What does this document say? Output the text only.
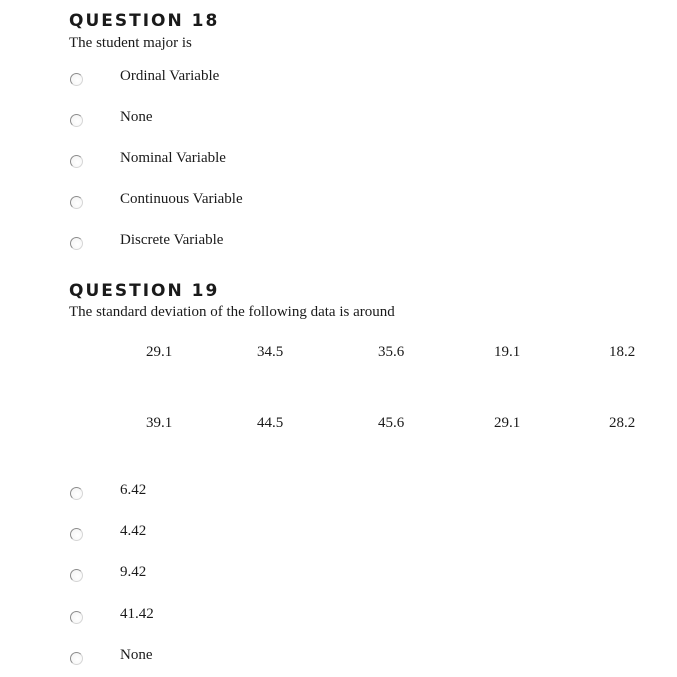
QUESTION 18
The student major is
Ordinal Variable
None
Nominal Variable
Continuous Variable
Discrete Variable
QUESTION 19
The standard deviation of the following data is around
29.1	34.5	35.6	19.1	18.2
39.1	44.5	45.6	29.1	28.2
6.42
4.42
9.42
41.42
None
